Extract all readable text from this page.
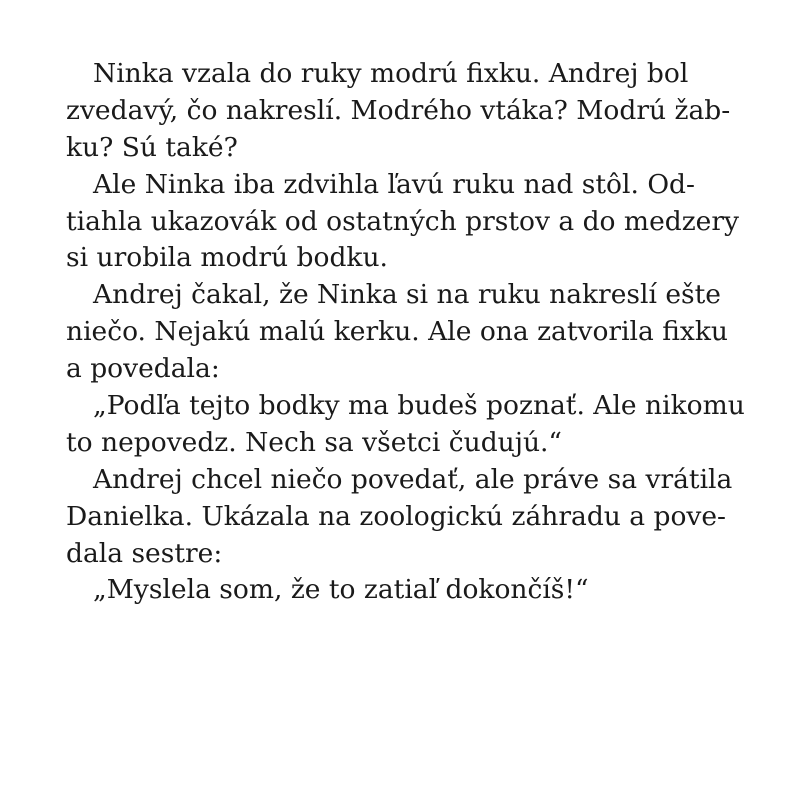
Ninka vzala do ruky modrú fixku. Andrej bol
zvedavý, čo nakreslí. Modrého vtáka? Modrú žab-
ku? Sú také?
Ale Ninka iba zdvihla ľavú ruku nad stôl. Od-
tiahla ukazovák od ostatných prstov a do medzery
si urobila modrú bodku.
Andrej čakal, že Ninka si na ruku nakreslí ešte
niečo. Nejakú malú kerku. Ale ona zatvorila fixku
a povedala:
„Podľa tejto bodky ma budeš poznať. Ale nikomu
to nepovedz. Nech sa všetci čudujú.“
Andrej chcel niečo povedať, ale práve sa vrátila
Danielka. Ukázala na zoologickú záhradu a pove-
dala sestre:
„Myslela som, že to zatiaľ dokončíš!“
